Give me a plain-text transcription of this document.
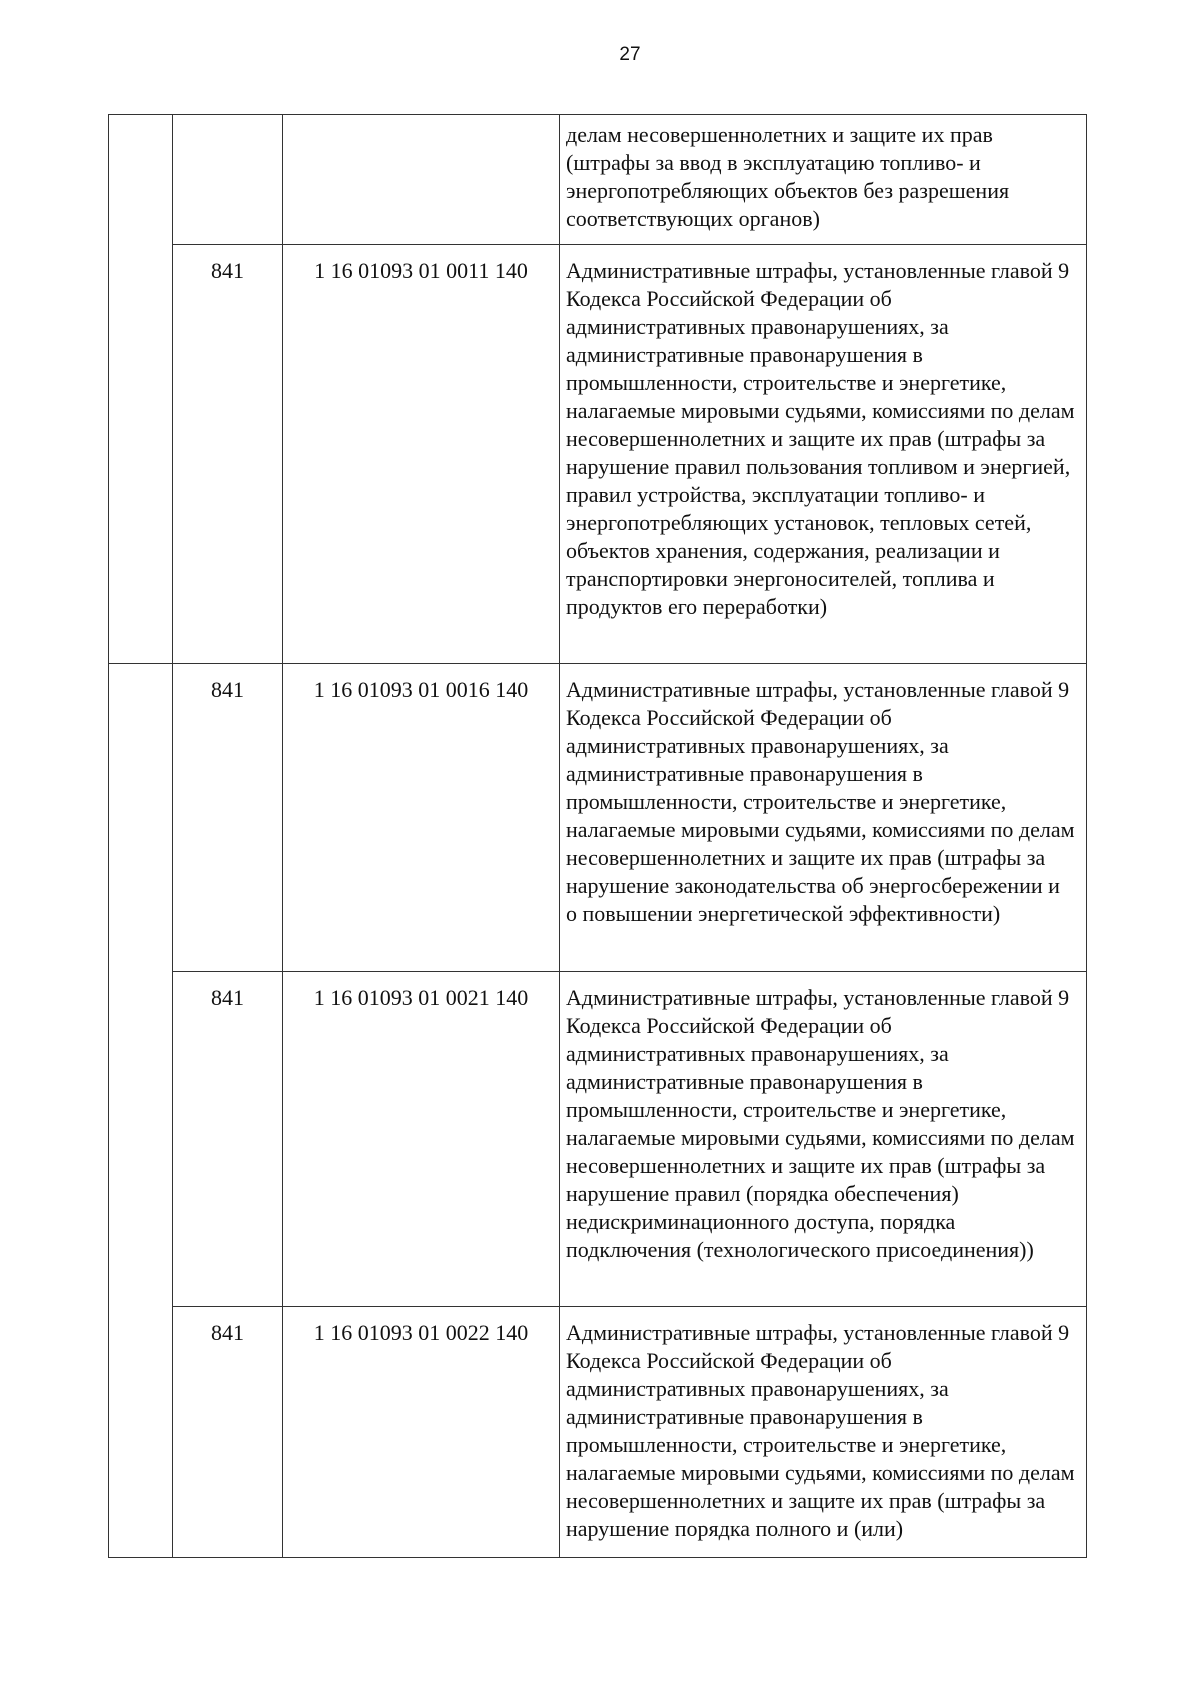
27
			делам несовершеннолетних и защите их прав (штрафы за ввод в эксплуатацию топливо- и энергопотребляющих объектов без разрешения соответствующих органов)
	841	1 16 01093 01 0011 140	Административные штрафы, установленные главой 9 Кодекса Российской Федерации об административных правонарушениях, за административные правонарушения в промышленности, строительстве и энергетике, налагаемые мировыми судьями, комиссиями по делам несовершеннолетних и защите их прав (штрафы за нарушение правил пользования топливом и энергией, правил устройства, эксплуатации топливо- и энергопотребляющих установок, тепловых сетей, объектов хранения, содержания, реализации и транспортировки энергоносителей, топлива и продуктов его переработки)
	841	1 16 01093 01 0016 140	Административные штрафы, установленные главой 9 Кодекса Российской Федерации об административных правонарушениях, за административные правонарушения в промышленности, строительстве и энергетике, налагаемые мировыми судьями, комиссиями по делам несовершеннолетних и защите их прав (штрафы за нарушение законодательства об энергосбережении и о повышении энергетической эффективности)
	841	1 16 01093 01 0021 140	Административные штрафы, установленные главой 9 Кодекса Российской Федерации об административных правонарушениях, за административные правонарушения в промышленности, строительстве и энергетике, налагаемые мировыми судьями, комиссиями по делам несовершеннолетних и защите их прав (штрафы за нарушение правил (порядка обеспечения) недискриминационного доступа, порядка подключения (технологического присоединения))
	841	1 16 01093 01 0022 140	Административные штрафы, установленные главой 9 Кодекса Российской Федерации об административных правонарушениях, за административные правонарушения в промышленности, строительстве и энергетике, налагаемые мировыми судьями, комиссиями по делам несовершеннолетних и защите их прав (штрафы за нарушение порядка полного и (или)
